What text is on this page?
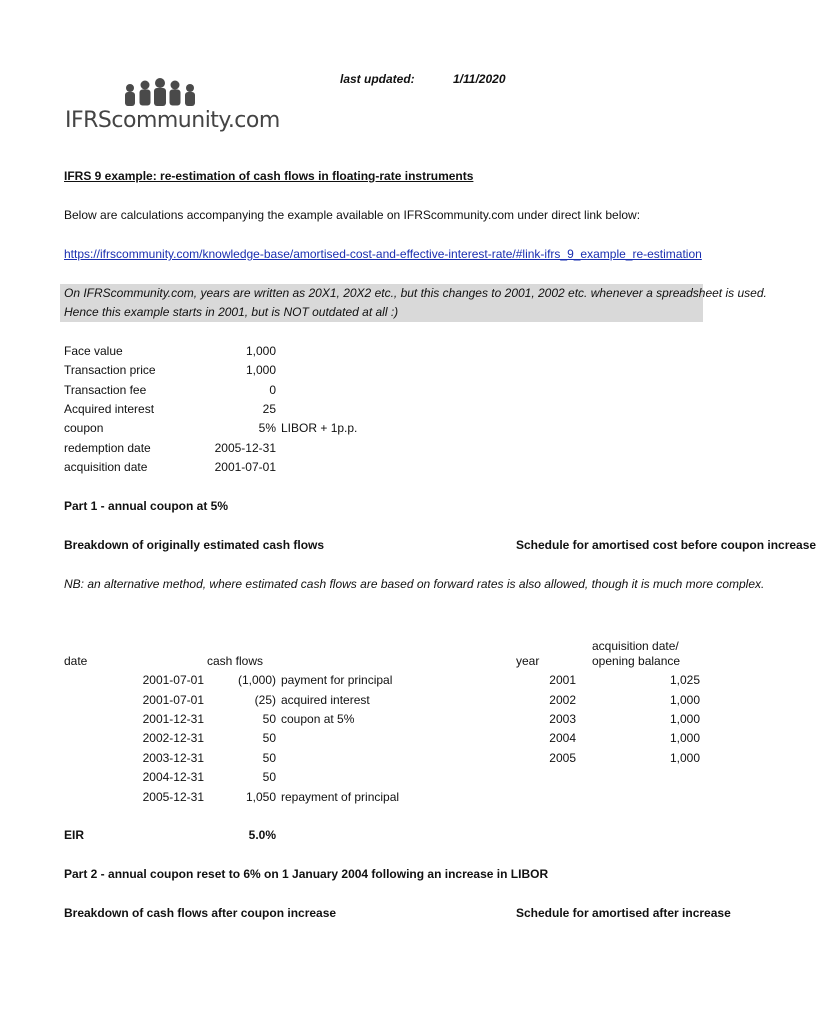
IFRScommunity.com
last updated:	1/11/2020
IFRS 9 example: re-estimation of cash flows in floating-rate instruments
Below are calculations accompanying the example available on IFRScommunity.com under direct link below:
https://ifrscommunity.com/knowledge-base/amortised-cost-and-effective-interest-rate/#link-ifrs_9_example_re-estimation
On IFRScommunity.com, years are written as 20X1, 20X2 etc., but this changes to 2001, 2002 etc. whenever a spreadsheet is used.
Hence this example starts in 2001, but is NOT outdated at all :)
Face value	1,000
Transaction price	1,000
Transaction fee	0
Acquired interest	25
coupon	5% LIBOR + 1p.p.
redemption date	2005-12-31
acquisition date	2001-07-01
Part 1 - annual coupon at 5%
Breakdown of originally estimated cash flows	Schedule for amortised cost before coupon increase
NB: an alternative method, where estimated cash flows are based on forward rates is also allowed, though it is much more complex.
date	cash flows
2001-07-01	(1,000) payment for principal
2001-07-01	(25) acquired interest
2001-12-31	50 coupon at 5%
2002-12-31	50
2003-12-31	50
2004-12-31	50
2005-12-31	1,050 repayment of principal
year
acquisition date/
opening balance
2001	1,025
2002	1,000
2003	1,000
2004	1,000
2005	1,000
EIR	5.0%
Part 2 - annual coupon reset to 6% on 1 January 2004 following an increase in LIBOR
Breakdown of cash flows after coupon increase	Schedule for amortised after increase
